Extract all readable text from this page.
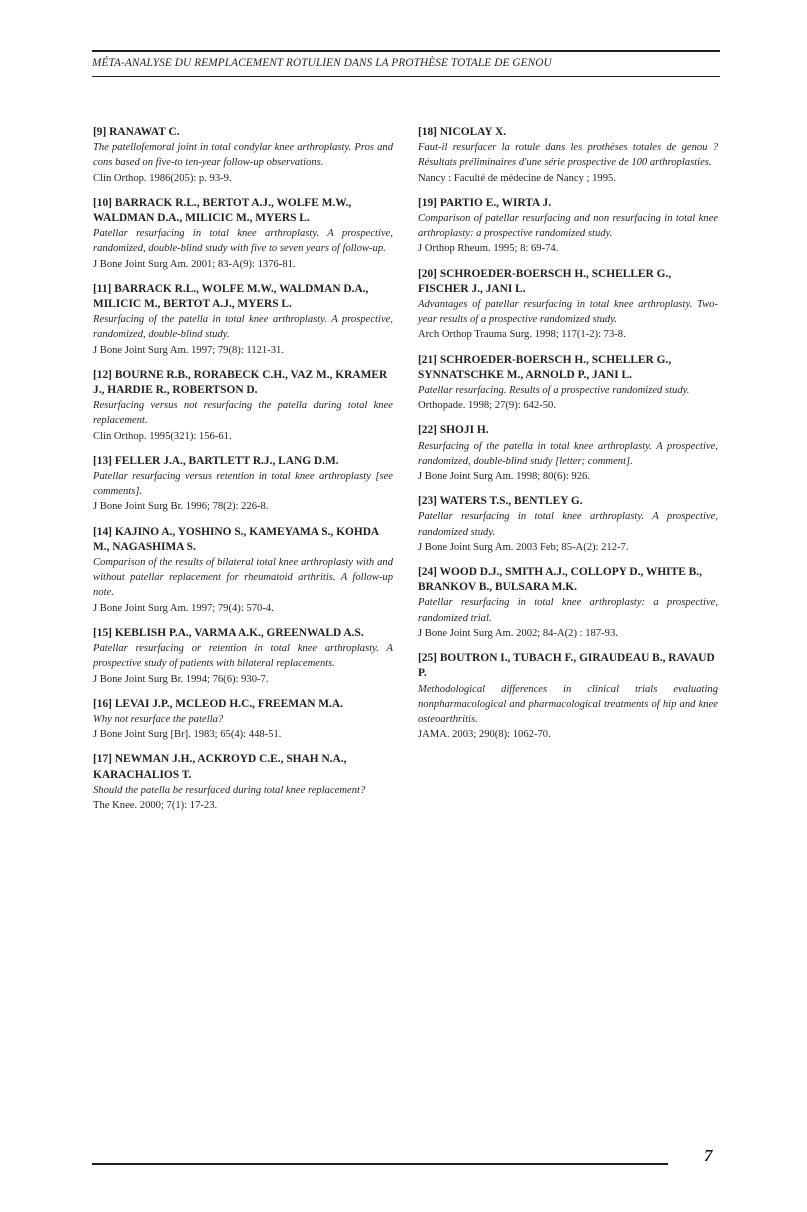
MÉTA-ANALYSE DU REMPLACEMENT ROTULIEN DANS LA PROTHÈSE TOTALE DE GENOU

[9] RANAWAT C.

The patellofemoral joint in total condylar knee arthroplasty. Pros and cons based on five-to ten-year follow-up observations.

Clin Orthop. 1986(205): p. 93-9.

[10] BARRACK R.L., BERTOT A.J., WOLFE M.W., WALDMAN D.A., MILICIC M., MYERS L.

Patellar resurfacing in total knee arthroplasty. A prospective, randomized, double-blind study with five to seven years of follow-up.

J Bone Joint Surg Am. 2001; 83-A(9): 1376-81.

[11] BARRACK R.L., WOLFE M.W., WALDMAN D.A., MILICIC M., BERTOT A.J., MYERS L.

Resurfacing of the patella in total knee arthroplasty. A prospective, randomized, double-blind study.

J Bone Joint Surg Am. 1997; 79(8): 1121-31.

[12] BOURNE R.B., RORABECK C.H., VAZ M., KRAMER J., HARDIE R., ROBERTSON D.

Resurfacing versus not resurfacing the patella during total knee replacement.

Clin Orthop. 1995(321): 156-61.

[13] FELLER J.A., BARTLETT R.J., LANG D.M.

Patellar resurfacing versus retention in total knee arthroplasty [see comments].

J Bone Joint Surg Br. 1996; 78(2): 226-8.

[14] KAJINO A., YOSHINO S., KAMEYAMA S., KOHDA M., NAGASHIMA S.

Comparison of the results of bilateral total knee arthroplasty with and without patellar replacement for rheumatoid arthritis. A follow-up note.

J Bone Joint Surg Am. 1997; 79(4): 570-4.

[15] KEBLISH P.A., VARMA A.K., GREENWALD A.S.

Patellar resurfacing or retention in total knee arthroplasty. A prospective study of patients with bilateral replacements.

J Bone Joint Surg Br. 1994; 76(6): 930-7.

[16] LEVAI J.P., MCLEOD H.C., FREEMAN M.A.

Why not resurface the patella?

J Bone Joint Surg [Br]. 1983; 65(4): 448-51.

[17] NEWMAN J.H., ACKROYD C.E., SHAH N.A., KARACHALIOS T.

Should the patella be resurfaced during total knee replacement?

The Knee. 2000; 7(1): 17-23.

[18] NICOLAY X.

Faut-il resurfacer la rotule dans les prothèses totales de genou ? Résultats préliminaires d'une série prospective de 100 arthroplasties.

Nancy : Faculté de médecine de Nancy ; 1995.

[19] PARTIO E., WIRTA J.

Comparison of patellar resurfacing and non resurfacing in total knee arthroplasty: a prospective randomized study.

J Orthop Rheum. 1995; 8: 69-74.

[20] SCHROEDER-BOERSCH H., SCHELLER G., FISCHER J., JANI L.

Advantages of patellar resurfacing in total knee arthroplasty. Two-year results of a prospective randomized study.

Arch Orthop Trauma Surg. 1998; 117(1-2): 73-8.

[21] SCHROEDER-BOERSCH H., SCHELLER G., SYNNATSCHKE M., ARNOLD P., JANI L.

Patellar resurfacing. Results of a prospective randomized study.

Orthopade. 1998; 27(9): 642-50.

[22] SHOJI H.

Resurfacing of the patella in total knee arthroplasty. A prospective, randomized, double-blind study [letter; comment].

J Bone Joint Surg Am. 1998; 80(6): 926.

[23] WATERS T.S., BENTLEY G.

Patellar resurfacing in total knee arthroplasty. A prospective, randomized study.

J Bone Joint Surg Am. 2003 Feb; 85-A(2): 212-7.

[24] WOOD D.J., SMITH A.J., COLLOPY D., WHITE B., BRANKOV B., BULSARA M.K.

Patellar resurfacing in total knee arthroplasty: a prospective, randomized trial.

J Bone Joint Surg Am. 2002; 84-A(2) : 187-93.

[25] BOUTRON I., TUBACH F., GIRAUDEAU B., RAVAUD P.

Methodological differences in clinical trials evaluating nonpharmacological and pharmacological treatments of hip and knee osteoarthritis.

JAMA. 2003; 290(8): 1062-70.

7
